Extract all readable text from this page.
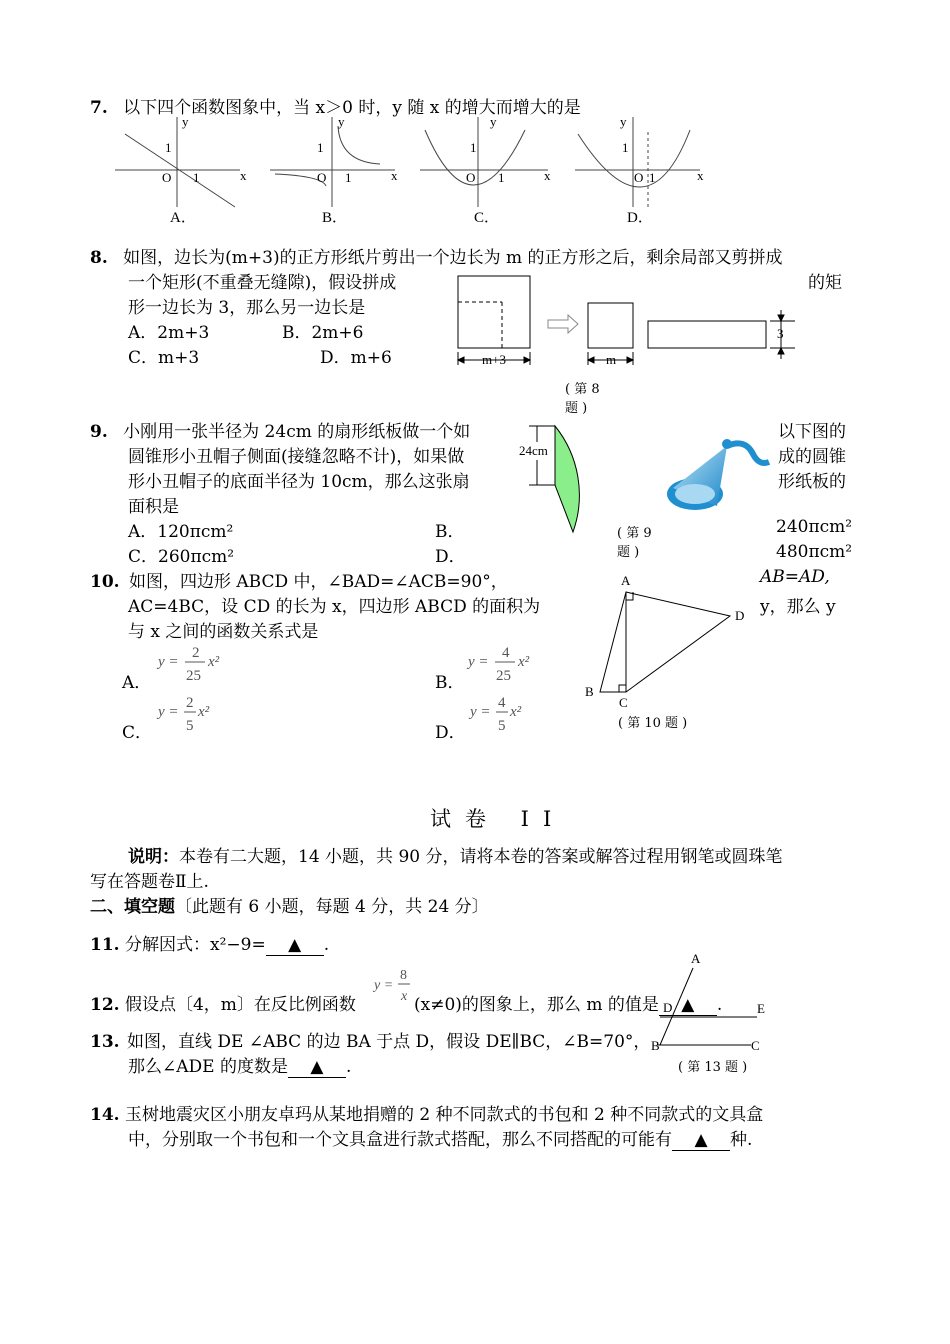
7. 以下四个函数图象中，当 x＞0 时，y 随 x 的增大而增大的是
y
1
O 1	x
y
1
O 1	x
y
1
O 1	x
y
1
O 1	x
A．	B．	C．	D．
8. 如图，边长为(m+3)的正方形纸片剪出一个边长为 m 的正方形之后，剩余局部又剪拼成
一个矩形(不重叠无缝隙)，假设拼成	的矩
形一边长为 3，那么另一边长是
A．2m+3	B．2m+6
C．m+3	D．m+6	m+3	m
3
( 第 8
题 )
9. 小刚用一张半径为 24cm 的扇形纸板做一个如	以下图的
圆锥形小丑帽子侧面(接缝忽略不计)，如果做	成的圆锥
形小丑帽子的底面半径为 10cm，那么这张扇	形纸板的
面积是
A．120πcm²	B．	240πcm²
C．260πcm²	D．	480πcm²
24cm
( 第 9
题 )
10. 如图，四边形 ABCD 中，∠BAD=∠ACB=90°，	AB=AD,
AC=4BC，设 CD 的长为 x，四边形 ABCD 的面积为	y，那么 y
与 x 之间的函数关系式是
A．
y =
2
25
x²
B．
y =
4
25
x²
C．
y =
2
5
x²
D．
y =
4
5
x²
A
B
C
D
( 第 10 题 )
试卷 II
说明：本卷有二大题，14 小题，共 90 分，请将本卷的答案或解答过程用钢笔或圆珠笔
写在答题卷Ⅱ上.
二、填空题〔此题有 6 小题，每题 4 分，共 24 分〕
11. 分解因式：x²−9= ▲ .
12. 假设点〔4，m〕在反比例函数
y =
8
x (x≠0)的图象上，那么 m 的值是 ▲ .
13. 如图，直线 DE ∠ABC 的边 BA 于点 D，假设 DE∥BC，∠B=70°，
那么∠ADE 的度数是 ▲ .
A
D	E
B	C
( 第 13 题 )
14. 玉树地震灾区小朋友卓玛从某地捐赠的 2 种不同款式的书包和 2 种不同款式的文具盒
中，分别取一个书包和一个文具盒进行款式搭配，那么不同搭配的可能有 ▲ 种.
